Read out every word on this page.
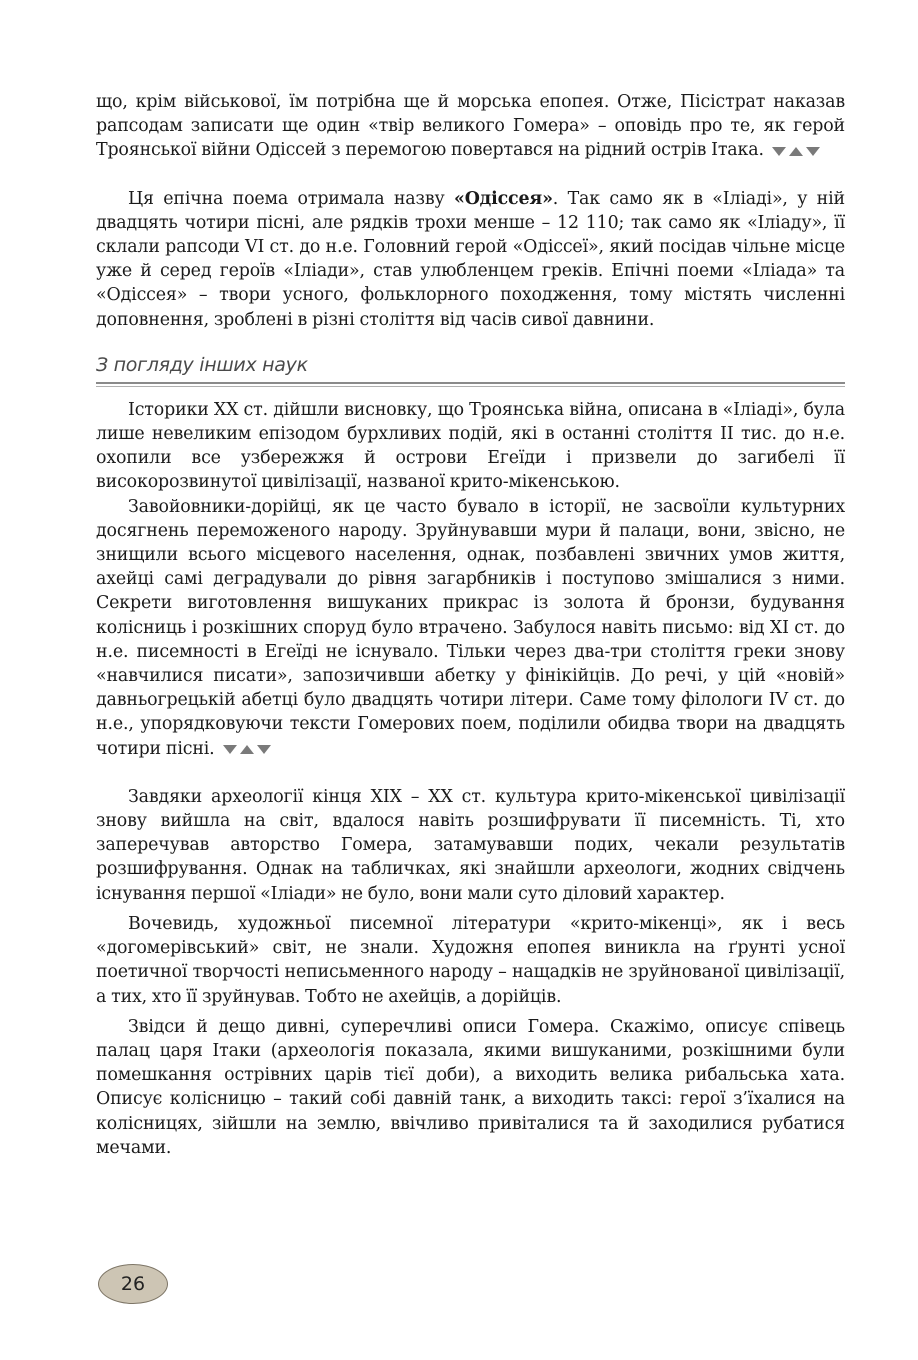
що, крім військової, їм потрібна ще й морська епопея. Отже, Пісістрат наказав рапсодам записати ще один «твір великого Гомера» – оповідь про те, як герой Троянської війни Одіссей з перемогою повертався на рідний острів Ітака.

Ця епічна поема отримала назву «Одіссея». Так само як в «Іліаді», у ній двадцять чотири пісні, але рядків трохи менше – 12 110; так само як «Іліаду», її склали рапсоди VI ст. до н.е. Головний герой «Одіссеї», який посідав чільне місце уже й серед героїв «Іліади», став улюбленцем греків. Епічні поеми «Іліада» та «Одіссея» – твори усного, фольклорного походження, тому містять численні доповнення, зроблені в різні століття від часів сивої давнини.

З погляду інших наук

Історики XX ст. дійшли висновку, що Троянська війна, описана в «Іліаді», була лише невеликим епізодом бурхливих подій, які в останні століття II тис. до н.е. охопили все узбережжя й острови Егеїди і призвели до загибелі її високорозвинутої цивілізації, названої крито-мікенською.

Завойовники-дорійці, як це часто бувало в історії, не засвоїли культурних досягнень переможеного народу. Зруйнувавши мури й палаци, вони, звісно, не знищили всього місцевого населення, однак, позбавлені звичних умов життя, ахейці самі деградували до рівня загарбників і поступово змішалися з ними. Секрети виготовлення вишуканих прикрас із золота й бронзи, будування колісниць і розкішних споруд було втрачено. Забулося навіть письмо: від XI ст. до н.е. писемності в Егеїді не існувало. Тільки через два-три століття греки знову «навчилися писати», запозичивши абетку у фінікійців. До речі, у цій «новій» давньогрецькій абетці було двадцять чотири літери. Саме тому філологи IV ст. до н.е., упорядковуючи тексти Гомерових поем, поділили обидва твори на двадцять чотири пісні.

Завдяки археології кінця XIX – XX ст. культура крито-мікенської цивілізації знову вийшла на світ, вдалося навіть розшифрувати її писемність. Ті, хто заперечував авторство Гомера, затамувавши подих, чекали результатів розшифрування. Однак на табличках, які знайшли археологи, жодних свідчень існування першої «Іліади» не було, вони мали суто діловий характер.

Вочевидь, художньої писемної літератури «крито-мікенці», як і весь «догомерівський» світ, не знали. Художня епопея виникла на ґрунті усної поетичної творчості неписьменного народу – нащадків не зруйнованої цивілізації, а тих, хто її зруйнував. Тобто не ахейців, а дорійців.

Звідси й дещо дивні, суперечливі описи Гомера. Скажімо, описує співець палац царя Ітаки (археологія показала, якими вишуканими, розкішними були помешкання острівних царів тієї доби), а виходить велика рибальська хата. Описує колісницю – такий собі давній танк, а виходить таксі: герої з’їхалися на колісницях, зійшли на землю, ввічливо привіталися та й заходилися рубатися мечами.

26
